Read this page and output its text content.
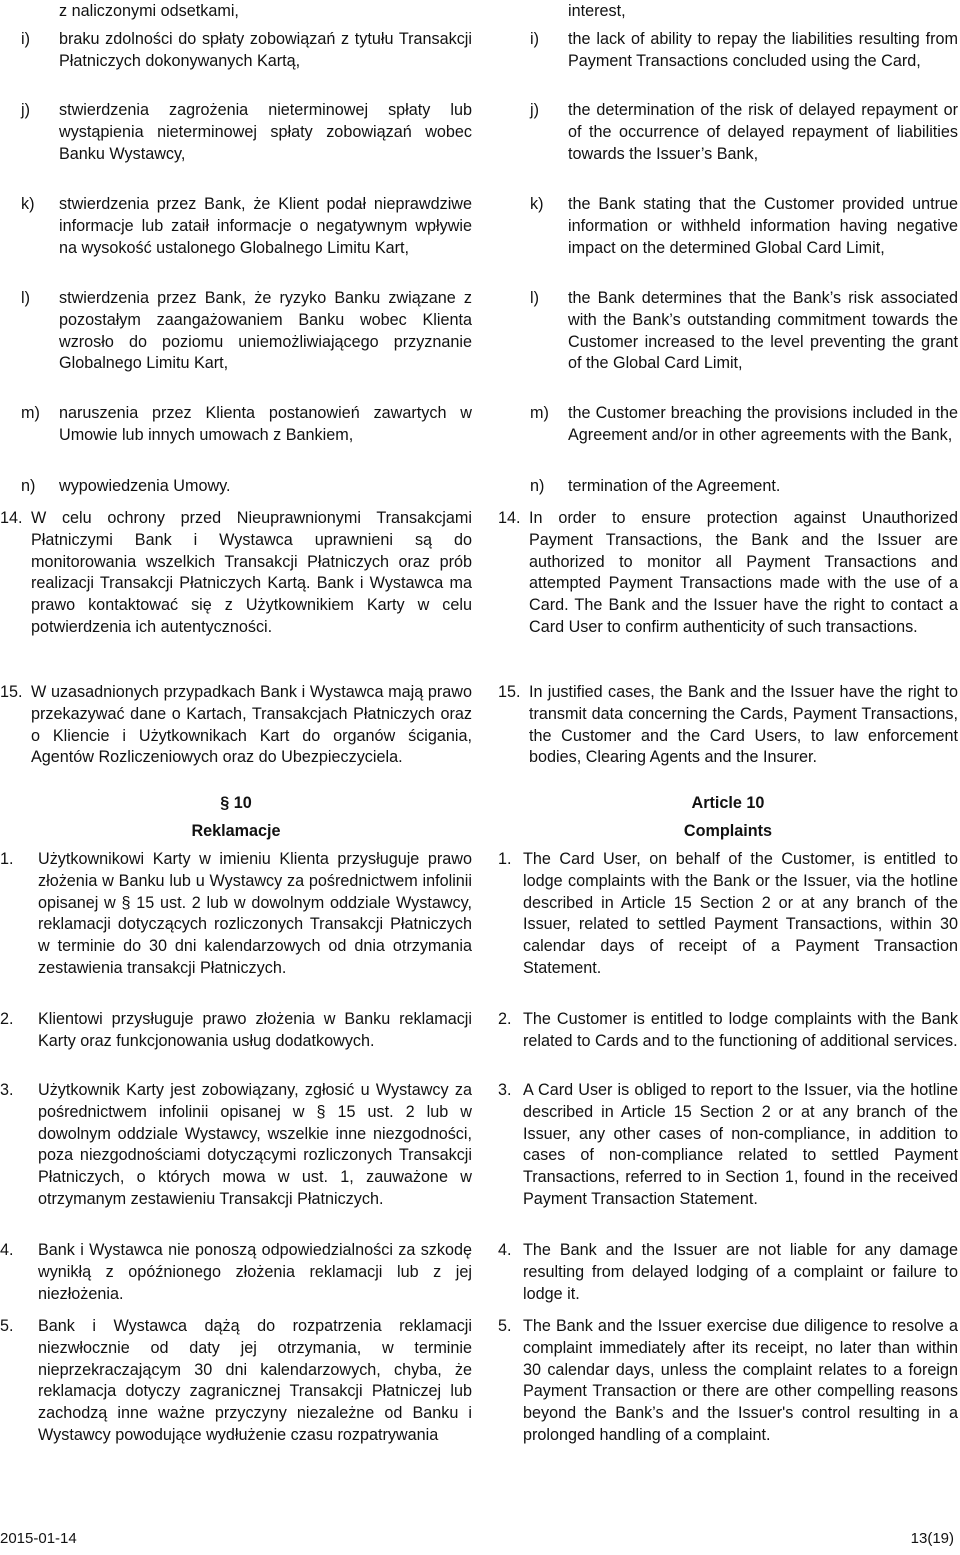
z naliczonymi odsetkami,

i)	braku zdolności do spłaty zobowiązań z tytułu Transakcji Płatniczych dokonywanych Kartą,
j)	stwierdzenia zagrożenia nieterminowej spłaty lub wystąpienia nieterminowej spłaty zobowiązań wobec Banku Wystawcy,
k)	stwierdzenia przez Bank, że Klient podał nieprawdziwe informacje lub zataił informacje o negatywnym wpływie na wysokość ustalonego Globalnego Limitu Kart,
l)	stwierdzenia przez Bank, że ryzyko Banku związane z pozostałym zaangażowaniem Banku wobec Klienta wzrosło do poziomu uniemożliwiającego przyznanie Globalnego Limitu Kart,
m)	naruszenia przez Klienta postanowień zawartych w Umowie lub innych umowach z Bankiem,
n)	wypowiedzenia Umowy.
14. W celu ochrony przed Nieuprawnionymi Transakcjami Płatniczymi Bank i Wystawca uprawnieni są do monitorowania wszelkich Transakcji Płatniczych oraz prób realizacji Transakcji Płatniczych Kartą. Bank i Wystawca ma prawo kontaktować się z Użytkownikiem Karty w celu potwierdzenia ich autentyczności.
15. W uzasadnionych przypadkach Bank i Wystawca mają prawo przekazywać dane o Kartach, Transakcjach Płatniczych oraz o Kliencie i Użytkownikach Kart do organów ścigania, Agentów Rozliczeniowych oraz do Ubezpieczyciela.
§ 10
Reklamacje
1.	Użytkownikowi Karty w imieniu Klienta przysługuje prawo złożenia w Banku lub u Wystawcy za pośrednictwem infolinii opisanej w § 15 ust. 2 lub w dowolnym oddziale Wystawcy, reklamacji dotyczących rozliczonych Transakcji Płatniczych w terminie do 30 dni kalendarzowych od dnia otrzymania zestawienia transakcji Płatniczych.
2.	Klientowi przysługuje prawo złożenia w Banku reklamacji Karty oraz funkcjonowania usług dodatkowych.
3.	Użytkownik Karty jest zobowiązany, zgłosić u Wystawcy za pośrednictwem infolinii opisanej w § 15 ust. 2 lub w dowolnym oddziale Wystawcy, wszelkie inne niezgodności, poza niezgodnościami dotyczącymi rozliczonych Transakcji Płatniczych, o których mowa w ust. 1, zauważone w otrzymanym zestawieniu Transakcji Płatniczych.
4.	Bank i Wystawca nie ponoszą odpowiedzialności za szkodę wynikłą z opóźnionego złożenia reklamacji lub z jej niezłożenia.
5.	Bank i Wystawca dążą do rozpatrzenia reklamacji niezwłocznie od daty jej otrzymania, w terminie nieprzekraczającym 30 dni kalendarzowych, chyba, że reklamacja dotyczy zagranicznej Transakcji Płatniczej lub zachodzą inne ważne przyczyny niezależne od Banku i Wystawcy powodujące wydłużenie czasu rozpatrywania

interest,

i)	the lack of ability to repay the liabilities resulting from Payment Transactions concluded using the Card,
j)	the determination of the risk of delayed repayment or of the occurrence of delayed repayment of liabilities towards the Issuer’s Bank,
k)	the Bank stating that the Customer provided untrue information or withheld information having negative impact on the determined Global Card Limit,
l)	the Bank determines that the Bank’s risk associated with the Bank’s outstanding commitment towards the Customer increased to the level preventing the grant of the Global Card Limit,
m)	the Customer breaching the provisions included in the Agreement and/or in other agreements with the Bank,
n)	termination of the Agreement.
14. In order to ensure protection against Unauthorized Payment Transactions, the Bank and the Issuer are authorized to monitor all Payment Transactions and attempted Payment Transactions made with the use of a Card. The Bank and the Issuer have the right to contact a Card User to confirm authenticity of such transactions.
15. In justified cases, the Bank and the Issuer have the right to transmit data concerning the Cards, Payment Transactions, the Customer and the Card Users, to law enforcement bodies, Clearing Agents and the Insurer.
Article 10
Complaints
1. The Card User, on behalf of the Customer, is entitled to lodge complaints with the Bank or the Issuer, via the hotline described in Article 15 Section 2 or at any branch of the Issuer, related to settled Payment Transactions, within 30 calendar days of receipt of a Payment Transaction Statement.
2. The Customer is entitled to lodge complaints with the Bank related to Cards and to the functioning of additional services.
3. A Card User is obliged to report to the Issuer, via the hotline described in Article 15 Section 2 or at any branch of the Issuer, any other cases of non-compliance, in addition to cases of non-compliance related to settled Payment Transactions, referred to in Section 1, found in the received Payment Transaction Statement.
4. The Bank and the Issuer are not liable for any damage resulting from delayed lodging of a complaint or failure to lodge it.
5. The Bank and the Issuer exercise due diligence to resolve a complaint immediately after its receipt, no later than within 30 calendar days, unless the complaint relates to a foreign Payment Transaction or there are other compelling reasons beyond the Bank’s and the Issuer's control resulting in a prolonged handling of a complaint.
2015-01-14	13(19)
